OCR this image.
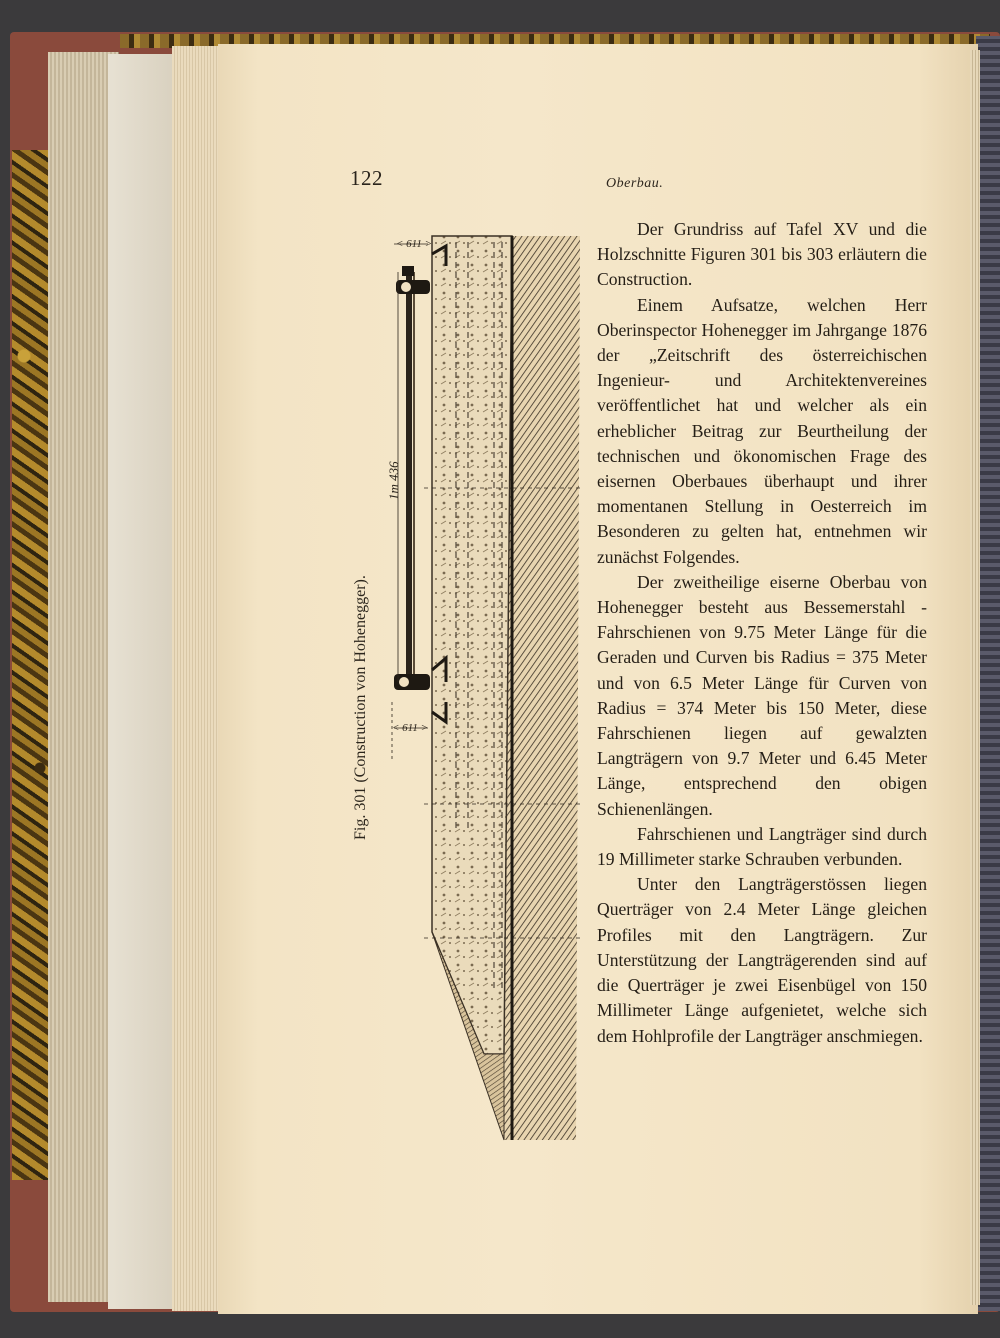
122	Oberbau.
Fig. 301 (Construction von Hohenegger).
< 611 >
< 611 >
1m 436

Der Grundriss auf Tafel XV und die Holzschnitte Figuren 301 bis 303 erläutern die Construction.

Einem Aufsatze, welchen Herr Oberinspector Hohenegger im Jahrgange 1876 der „Zeitschrift des österreichischen Ingenieur- und Architektenvereines veröffentlichet hat und welcher als ein erheblicher Beitrag zur Beurtheilung der technischen und ökonomischen Frage des eisernen Oberbaues überhaupt und ihrer momentanen Stellung in Oesterreich im Besonderen zu gelten hat, entnehmen wir zunächst Folgendes.

Der zweitheilige eiserne Oberbau von Hohenegger besteht aus Bessemerstahl - Fahrschienen von 9.75 Meter Länge für die Geraden und Curven bis Radius = 375 Meter und von 6.5 Meter Länge für Curven von Radius = 374 Meter bis 150 Meter, diese Fahrschienen liegen auf gewalzten Langträgern von 9.7 Meter und 6.45 Meter Länge, entsprechend den obigen Schienenlängen.

Fahrschienen und Langträger sind durch 19 Millimeter starke Schrauben verbunden.

Unter den Langträgerstössen liegen Querträger von 2.4 Meter Länge gleichen Profiles mit den Langträgern. Zur Unterstützung der Langträgerenden sind auf die Querträger je zwei Eisenbügel von 150 Millimeter Länge aufgenietet, welche sich dem Hohlprofile der Langträger anschmiegen.
